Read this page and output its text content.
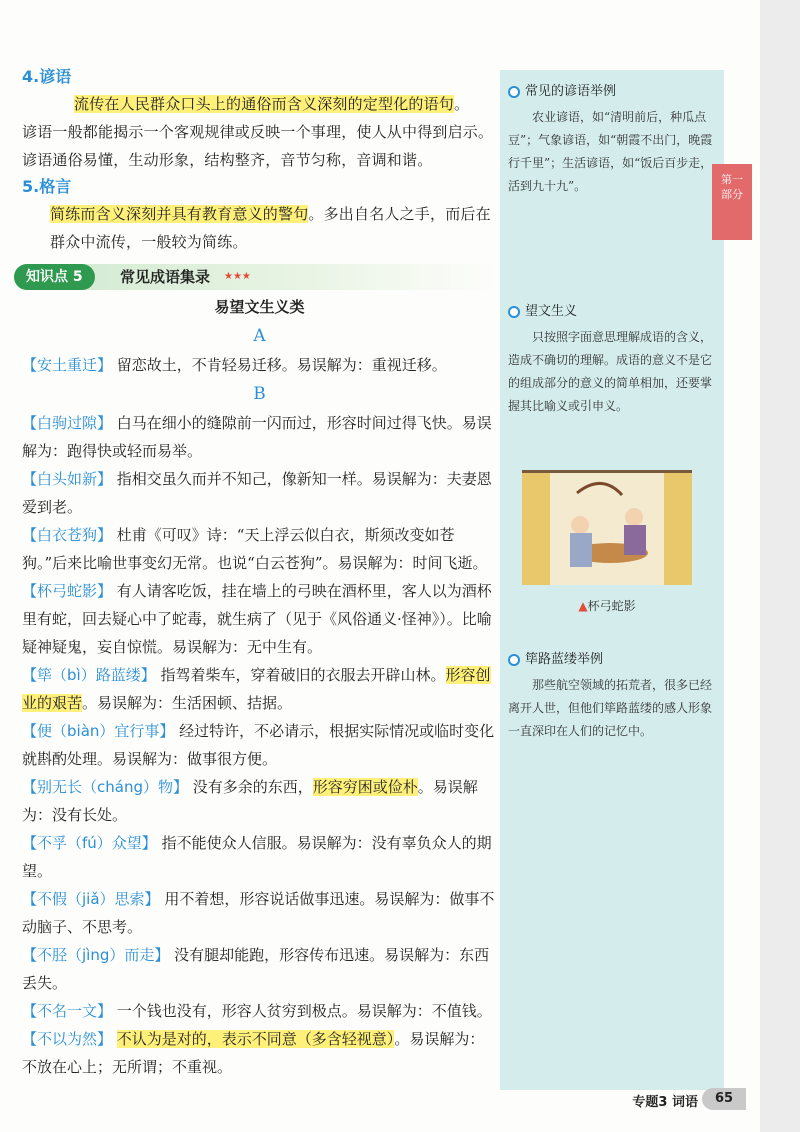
4.谚语

流传在人民群众口头上的通俗而含义深刻的定型化的语句。

谚语一般都能揭示一个客观规律或反映一个事理，使人从中得到启示。谚语通俗易懂，生动形象，结构整齐，音节匀称，音调和谐。

5.格言

简练而含义深刻并具有教育意义的警句。多出自名人之手，而后在群众中流传，一般较为简练。

知识点 5	常见成语集录 ★★★
易望文生义类
A

【安土重迁】 留恋故土，不肯轻易迁移。易误解为：重视迁移。

B

【白驹过隙】 白马在细小的缝隙前一闪而过，形容时间过得飞快。易误解为：跑得快或轻而易举。

【白头如新】 指相交虽久而并不知己，像新知一样。易误解为：夫妻恩爱到老。

【白衣苍狗】 杜甫《可叹》诗：“天上浮云似白衣，斯须改变如苍狗。”后来比喻世事变幻无常。也说“白云苍狗”。易误解为：时间飞逝。

【杯弓蛇影】 有人请客吃饭，挂在墙上的弓映在酒杯里，客人以为酒杯里有蛇，回去疑心中了蛇毒，就生病了（见于《风俗通义·怪神》）。比喻疑神疑鬼，妄自惊慌。易误解为：无中生有。

【筚（bì）路蓝缕】 指驾着柴车，穿着破旧的衣服去开辟山林。形容创业的艰苦。易误解为：生活困顿、拮据。

【便（biàn）宜行事】 经过特许，不必请示，根据实际情况或临时变化就斟酌处理。易误解为：做事很方便。

【别无长（cháng）物】 没有多余的东西，形容穷困或俭朴。易误解为：没有长处。

【不孚（fú）众望】 指不能使众人信服。易误解为：没有辜负众人的期望。

【不假（jiǎ）思索】 用不着想，形容说话做事迅速。易误解为：做事不动脑子、不思考。

【不胫（jìng）而走】 没有腿却能跑，形容传布迅速。易误解为：东西丢失。

【不名一文】 一个钱也没有，形容人贫穷到极点。易误解为：不值钱。

【不以为然】 不认为是对的，表示不同意（多含轻视意）。易误解为：不放在心上；无所谓；不重视。

常见的谚语举例

农业谚语，如“清明前后，种瓜点豆”；气象谚语，如“朝霞不出门，晚霞行千里”；生活谚语，如“饭后百步走，活到九十九”。

望文生义

只按照字面意思理解成语的含义，造成不确切的理解。成语的意义不是它的组成部分的意义的简单相加，还要掌握其比喻义或引申义。

▲杯弓蛇影

筚路蓝缕举例

那些航空领域的拓荒者，很多已经离开人世，但他们筚路蓝缕的感人形象一直深印在人们的记忆中。

第一
部分
专题3 词语	65
